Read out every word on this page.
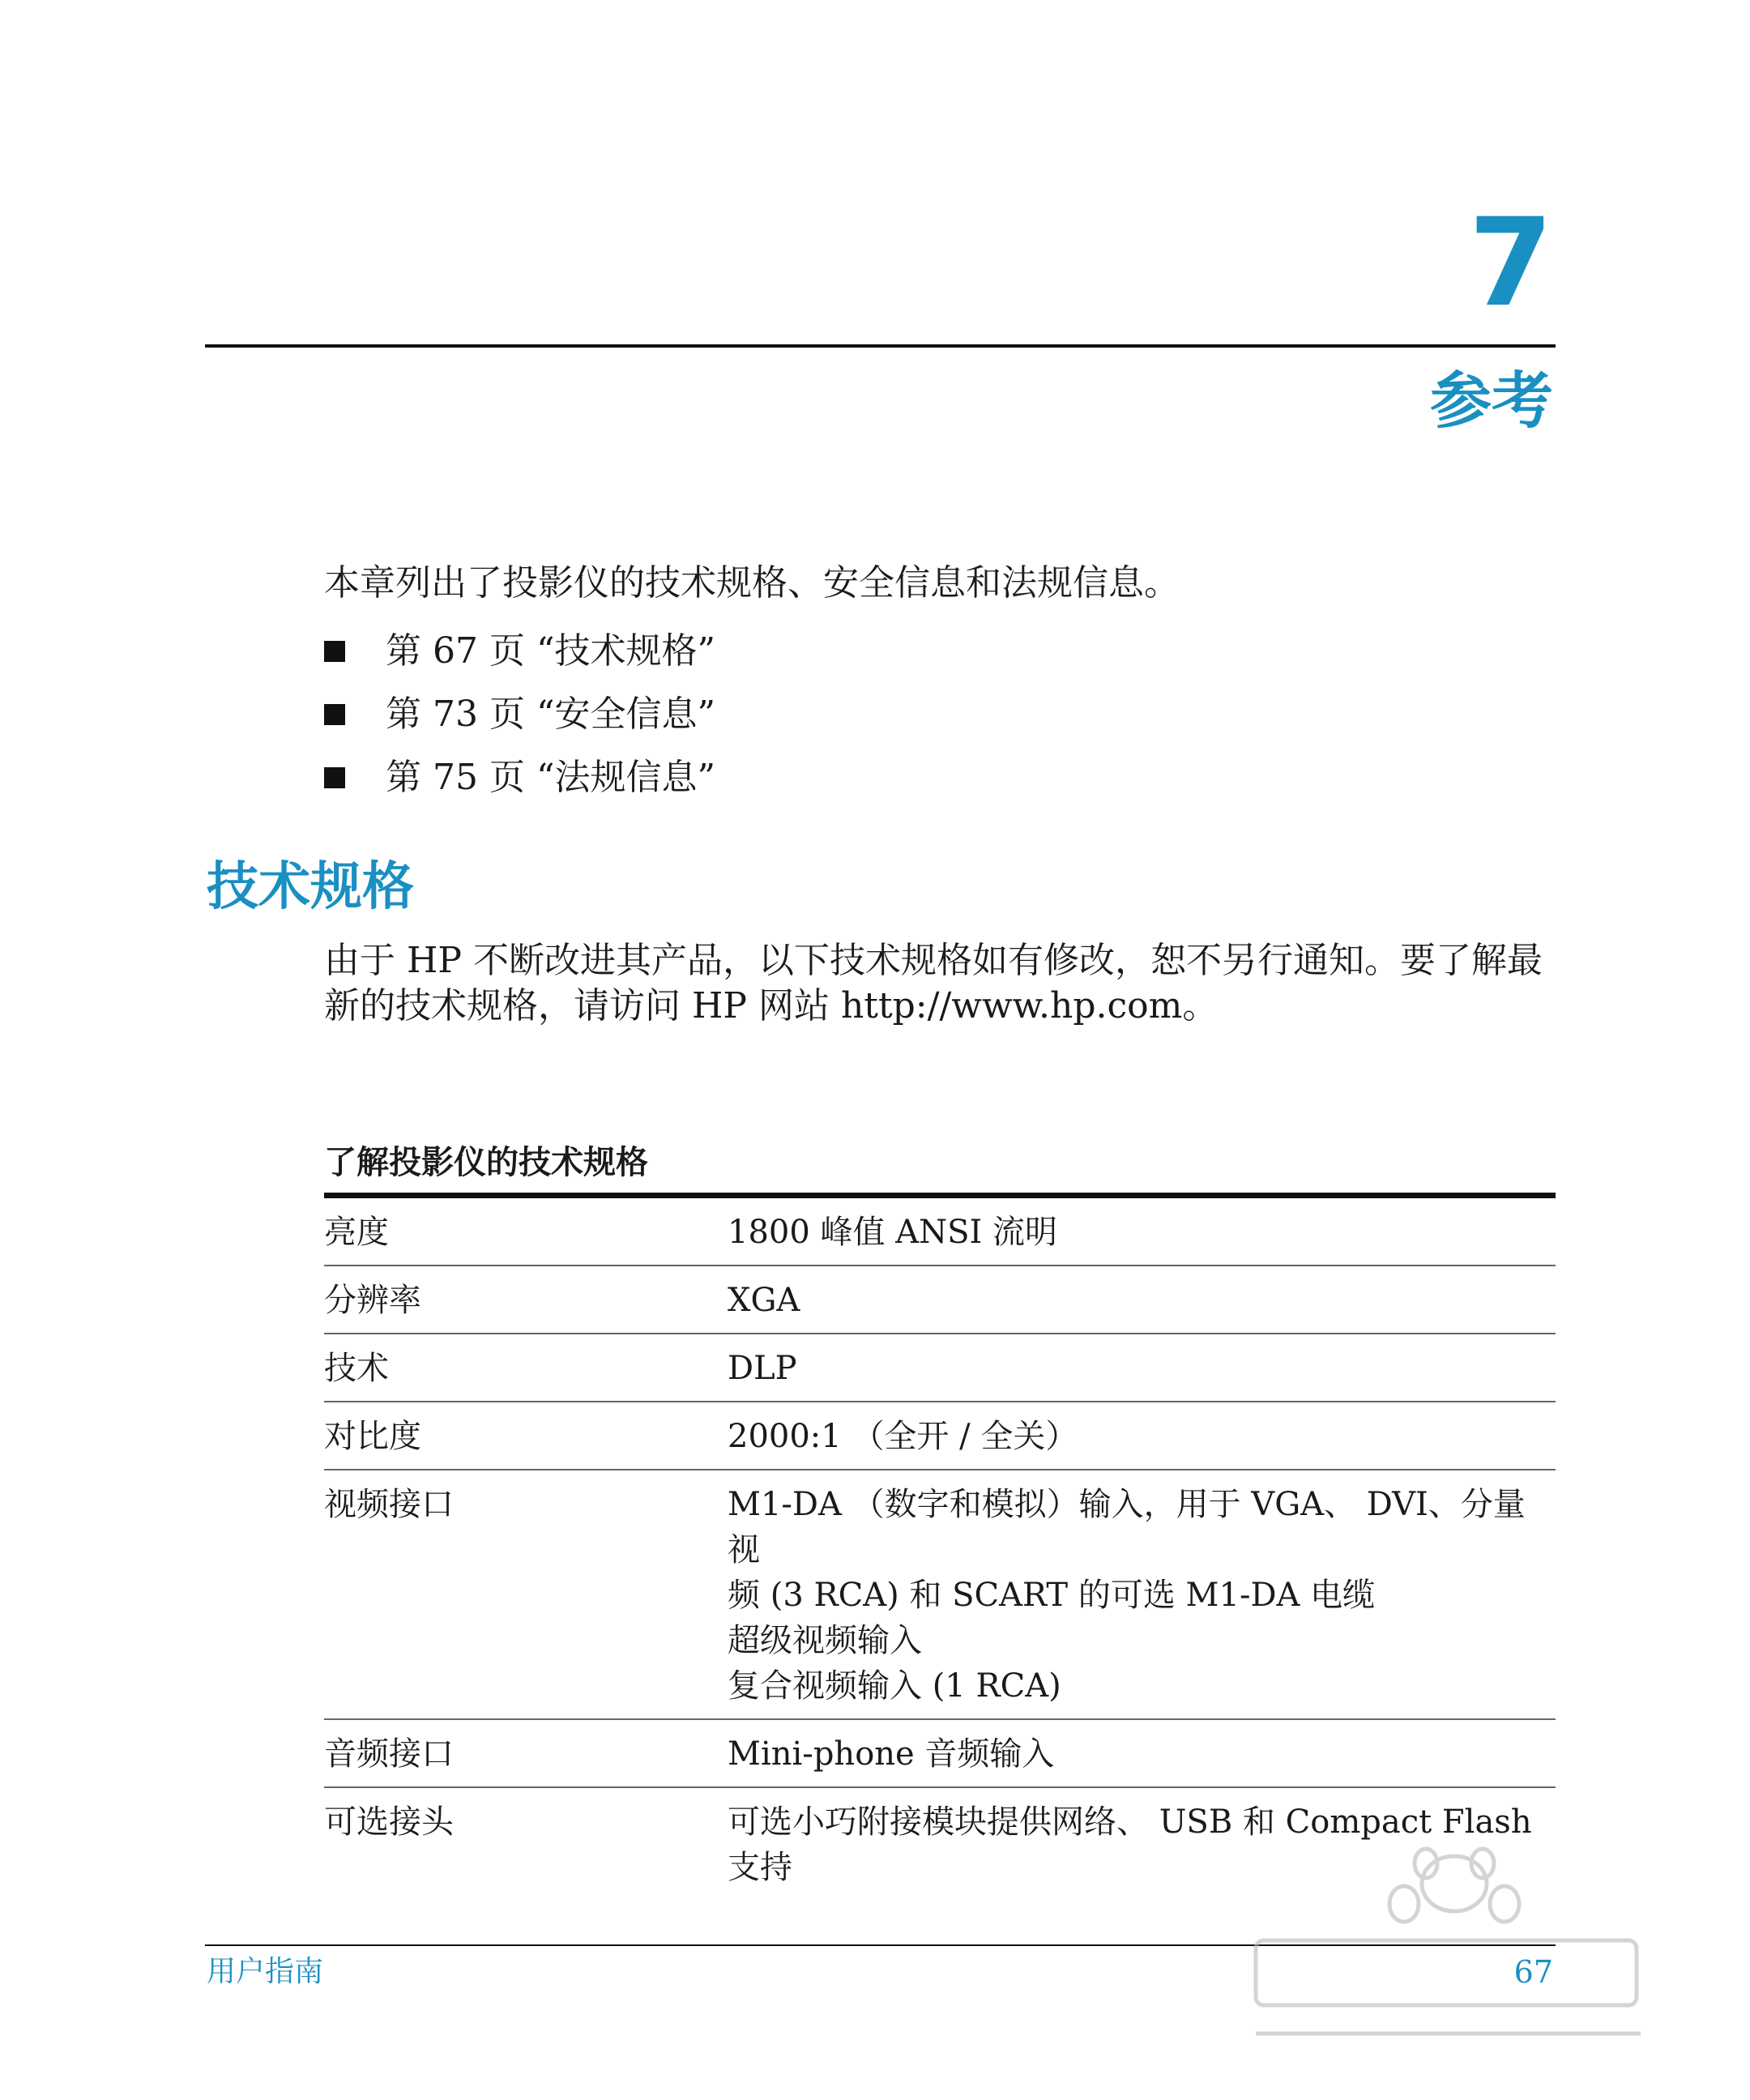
7
参考
本章列出了投影仪的技术规格、安全信息和法规信息。
第 67 页 “技术规格”
第 73 页 “安全信息”
第 75 页 “法规信息”
技术规格
由于 HP 不断改进其产品，以下技术规格如有修改，恕不另行通知。要了解最
新的技术规格，请访问 HP 网站 http://www.hp.com。
了解投影仪的技术规格
亮度	1800 峰值 ANSI 流明
分辨率	XGA
技术	DLP
对比度	2000:1 （全开 / 全关）
视频接口	M1-DA （数字和模拟）输入，用于 VGA、 DVI、分量视
频 (3 RCA) 和 SCART 的可选 M1-DA 电缆
超级视频输入
复合视频输入 (1 RCA)

音频接口	Mini-phone 音频输入
可选接头	可选小巧附接模块提供网络、 USB 和 Compact Flash 支持
用户指南	67
